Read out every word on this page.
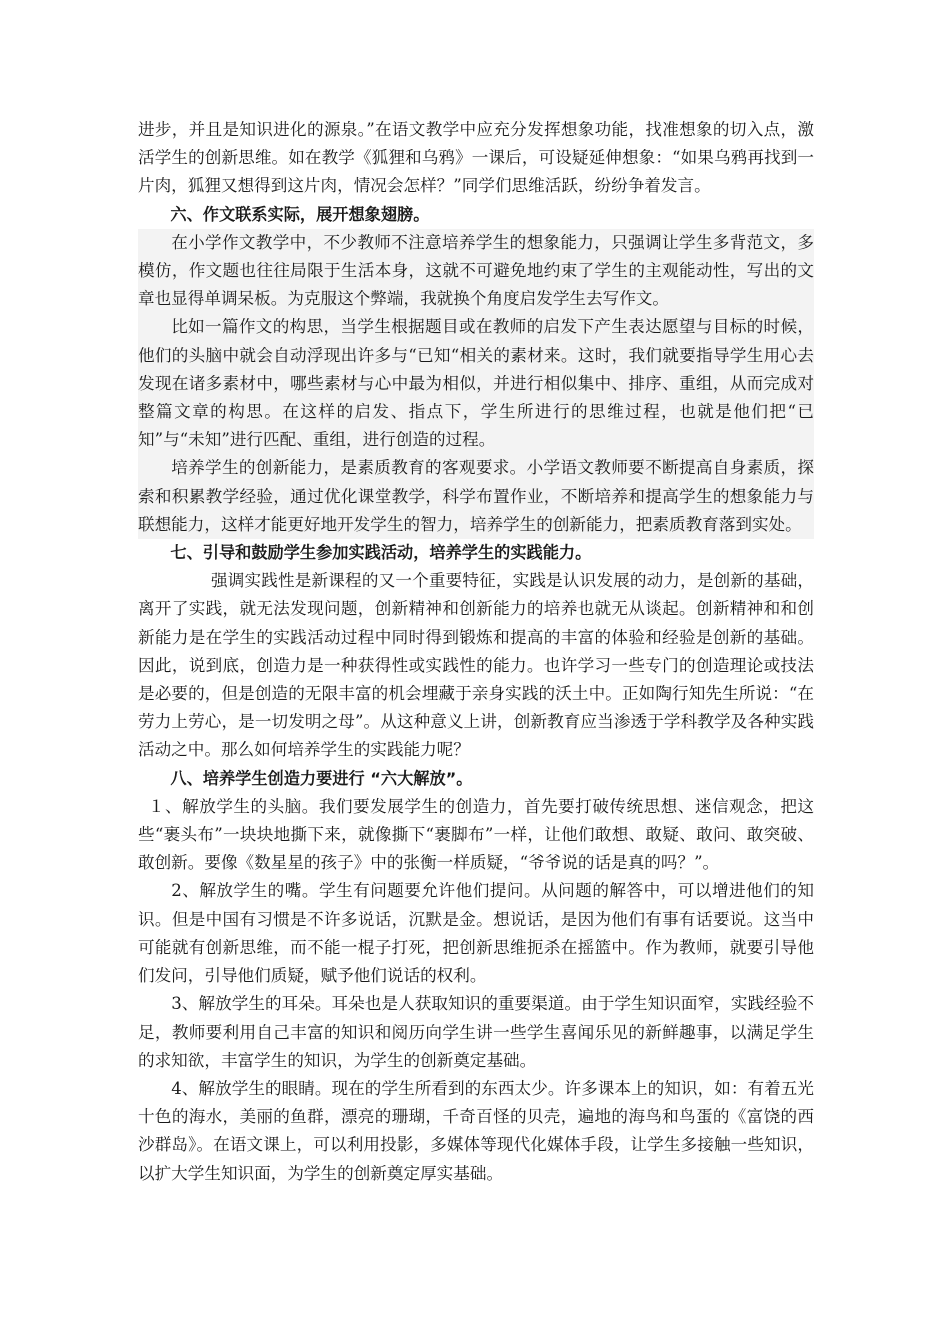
进步，并且是知识进化的源泉。”在语文教学中应充分发挥想象功能，找准想象的切入点，激活学生的创新思维。如在教学《狐狸和乌鸦》一课后，可设疑延伸想象：“如果乌鸦再找到一片肉，狐狸又想得到这片肉，情况会怎样？”同学们思维活跃，纷纷争着发言。

六、作文联系实际，展开想象翅膀。

在小学作文教学中，不少教师不注意培养学生的想象能力，只强调让学生多背范文，多模仿，作文题也往往局限于生活本身，这就不可避免地约束了学生的主观能动性，写出的文章也显得单调呆板。为克服这个弊端，我就换个角度启发学生去写作文。

比如一篇作文的构思，当学生根据题目或在教师的启发下产生表达愿望与目标的时候，他们的头脑中就会自动浮现出许多与“已知“相关的素材来。这时，我们就要指导学生用心去发现在诸多素材中，哪些素材与心中最为相似，并进行相似集中、排序、重组，从而完成对整篇文章的构思。在这样的启发、指点下，学生所进行的思维过程，也就是他们把“已知”与“未知”进行匹配、重组，进行创造的过程。

培养学生的创新能力，是素质教育的客观要求。小学语文教师要不断提高自身素质，探索和积累教学经验，通过优化课堂教学，科学布置作业，不断培养和提高学生的想象能力与联想能力，这样才能更好地开发学生的智力，培养学生的创新能力，把素质教育落到实处。

七、引导和鼓励学生参加实践活动，培养学生的实践能力。

强调实践性是新课程的又一个重要特征，实践是认识发展的动力，是创新的基础，离开了实践，就无法发现问题，创新精神和创新能力的培养也就无从谈起。创新精神和和创新能力是在学生的实践活动过程中同时得到锻炼和提高的丰富的体验和经验是创新的基础。因此，说到底，创造力是一种获得性或实践性的能力。也许学习一些专门的创造理论或技法是必要的，但是创造的无限丰富的机会埋藏于亲身实践的沃土中。正如陶行知先生所说：“在劳力上劳心，是一切发明之母”。从这种意义上讲，创新教育应当渗透于学科教学及各种实践活动之中。那么如何培养学生的实践能力呢？

八、培养学生创造力要进行 “六大解放”。

１、解放学生的头脑。我们要发展学生的创造力，首先要打破传统思想、迷信观念，把这些“裹头布”一块块地撕下来，就像撕下“裹脚布”一样，让他们敢想、敢疑、敢问、敢突破、敢创新。要像《数星星的孩子》中的张衡一样质疑，“爷爷说的话是真的吗？”。

2、解放学生的嘴。学生有问题要允许他们提问。从问题的解答中，可以增进他们的知识。但是中国有习惯是不许多说话，沉默是金。想说话，是因为他们有事有话要说。这当中可能就有创新思维，而不能一棍子打死，把创新思维扼杀在摇篮中。作为教师，就要引导他们发问，引导他们质疑，赋予他们说话的权利。

3、解放学生的耳朵。耳朵也是人获取知识的重要渠道。由于学生知识面窄，实践经验不足，教师要利用自己丰富的知识和阅历向学生讲一些学生喜闻乐见的新鲜趣事，以满足学生的求知欲，丰富学生的知识，为学生的创新奠定基础。

4、解放学生的眼睛。现在的学生所看到的东西太少。许多课本上的知识，如：有着五光十色的海水，美丽的鱼群，漂亮的珊瑚，千奇百怪的贝壳，遍地的海鸟和鸟蛋的《富饶的西沙群岛》。在语文课上，可以利用投影，多媒体等现代化媒体手段，让学生多接触一些知识，以扩大学生知识面，为学生的创新奠定厚实基础。
